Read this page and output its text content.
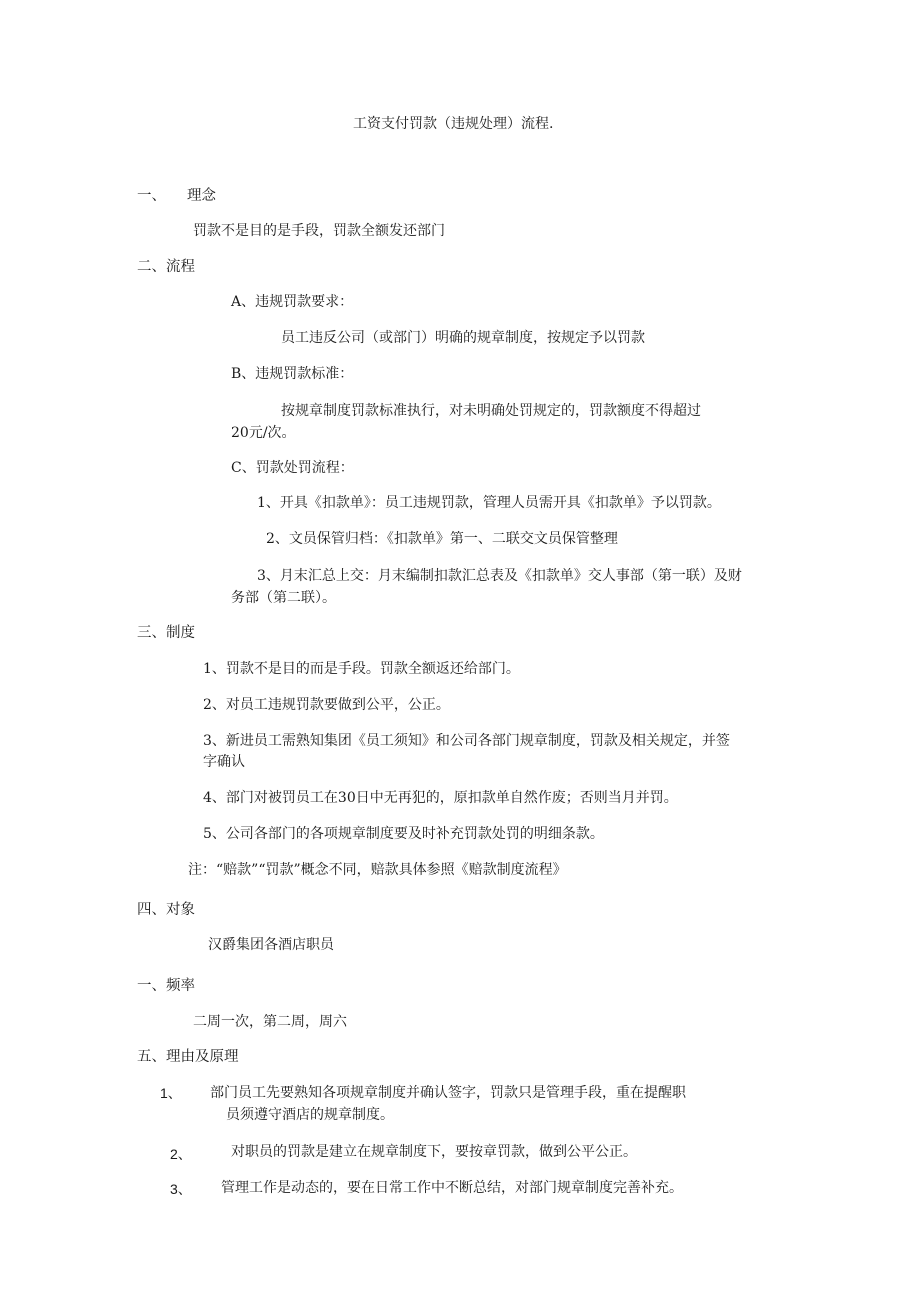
工资支付罚款（违规处理）流程.
一、 理念
罚款不是目的是手段，罚款全额发还部门
二、流程
A、违规罚款要求：
员工违反公司（或部门）明确的规章制度，按规定予以罚款
B、违规罚款标准：
按规章制度罚款标准执行，对未明确处罚规定的，罚款额度不得超过
20元/次。
C、罚款处罚流程：
1、开具《扣款单》：员工违规罚款，管理人员需开具《扣款单》予以罚款。
2、文员保管归档：《扣款单》第一、二联交文员保管整理
3、月末汇总上交：月末编制扣款汇总表及《扣款单》交人事部（第一联）及财
务部（第二联）。
三、制度
1、罚款不是目的而是手段。罚款全额返还给部门。
2、对员工违规罚款要做到公平，公正。
3、新进员工需熟知集团《员工须知》和公司各部门规章制度，罚款及相关规定，并签
字确认
4、部门对被罚员工在30日中无再犯的，原扣款单自然作废；否则当月并罚。
5、公司各部门的各项规章制度要及时补充罚款处罚的明细条款。
注：“赔款”“罚款”概念不同，赔款具体参照《赔款制度流程》
四、对象
汉爵集团各酒店职员
一、频率
二周一次，第二周，周六
五、理由及原理
1、 部门员工先要熟知各项规章制度并确认签字，罚款只是管理手段，重在提醒职
员须遵守酒店的规章制度。
2、	对职员的罚款是建立在规章制度下，要按章罚款，做到公平公正。
3、 管理工作是动态的，要在日常工作中不断总结，对部门规章制度完善补充。
